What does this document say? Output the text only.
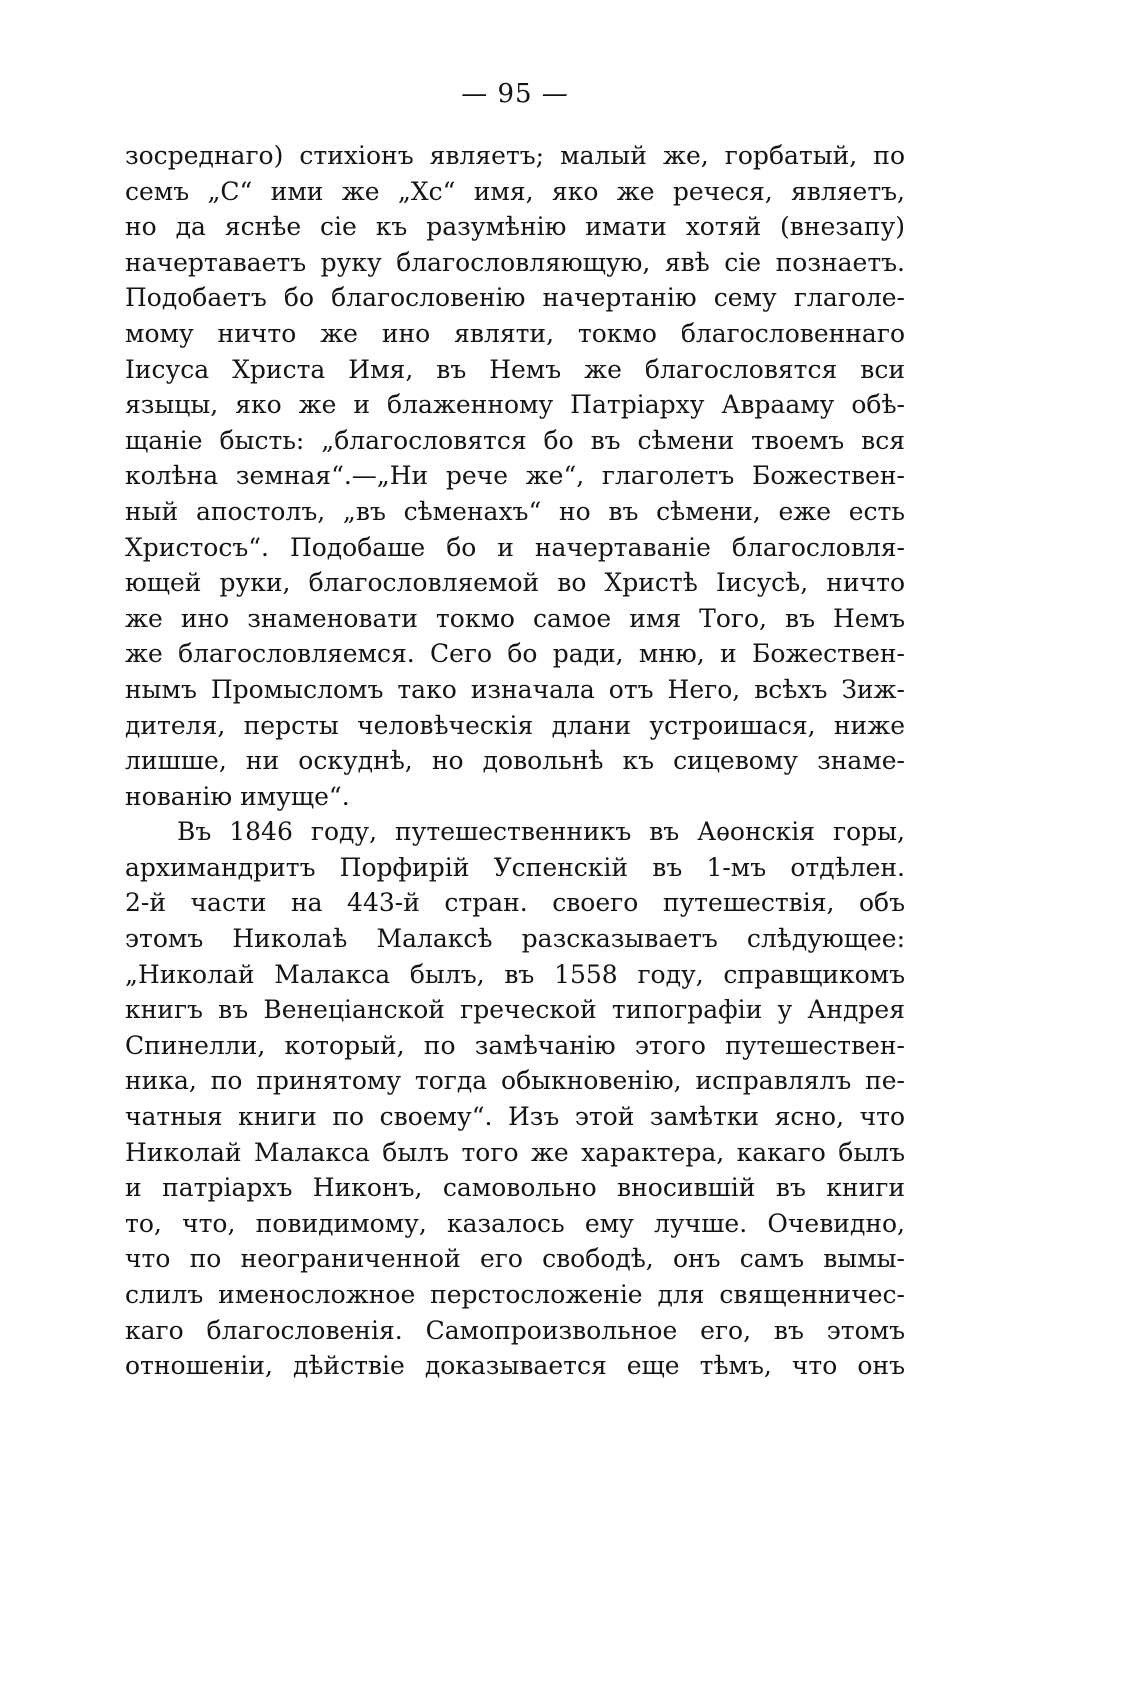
— 95 —
зосреднаго) стихіонъ являетъ; малый же, горбатый, по
семъ „С“ ими же „Хс“ имя, яко же речеся, являетъ,
но да яснѣе сіе къ разумѣнію имати хотяй (внезапу)
начертаваетъ руку благословляющую, явѣ сіе познаетъ.
Подобаетъ бо благословенію начертанію сему глаголе-
мому ничто же ино являти, токмо благословеннаго
Іисуса Христа Имя, въ Немъ же благословятся вси
языцы, яко же и блаженному Патріарху Аврааму обѣ-
щаніе бысть: „благословятся бо въ сѣмени твоемъ вся
колѣна земная“.—„Ни рече же“, глаголетъ Божествен-
ный апостолъ, „въ сѣменахъ“ но въ сѣмени, еже есть
Христосъ“. Подобаше бо и начертаваніе благословля-
ющей руки, благословляемой во Христѣ Іисусѣ, ничто
же ино знаменовати токмо самое имя Того, въ Немъ
же благословляемся. Сего бо ради, мню, и Божествен-
нымъ Промысломъ тако изначала отъ Него, всѣхъ Зиж-
дителя, персты человѣческія длани устроишася, ниже
лишше, ни оскуднѣ, но довольнѣ къ сицевому знаме-
нованію имуще“.
Въ 1846 году, путешественникъ въ Аѳонскія горы,
архимандритъ Порфирій Успенскій въ 1-мъ отдѣлен.
2-й части на 443-й стран. своего путешествія, объ
этомъ Николаѣ Малаксѣ разсказываетъ слѣдующее:
„Николай Малакса былъ, въ 1558 году, справщикомъ
книгъ въ Венеціанской греческой типографіи у Андрея
Спинелли, который, по замѣчанію этого путешествен-
ника, по принятому тогда обыкновенію, исправлялъ пе-
чатныя книги по своему“. Изъ этой замѣтки ясно, что
Николай Малакса былъ того же характера, какаго былъ
и патріархъ Никонъ, самовольно вносившій въ книги
то, что, повидимому, казалось ему лучше. Очевидно,
что по неограниченной его свободѣ, онъ самъ вымы-
слилъ именосложное перстосложеніе для священничес-
каго благословенія. Самопроизвольное его, въ этомъ
отношеніи, дѣйствіе доказывается еще тѣмъ, что онъ
